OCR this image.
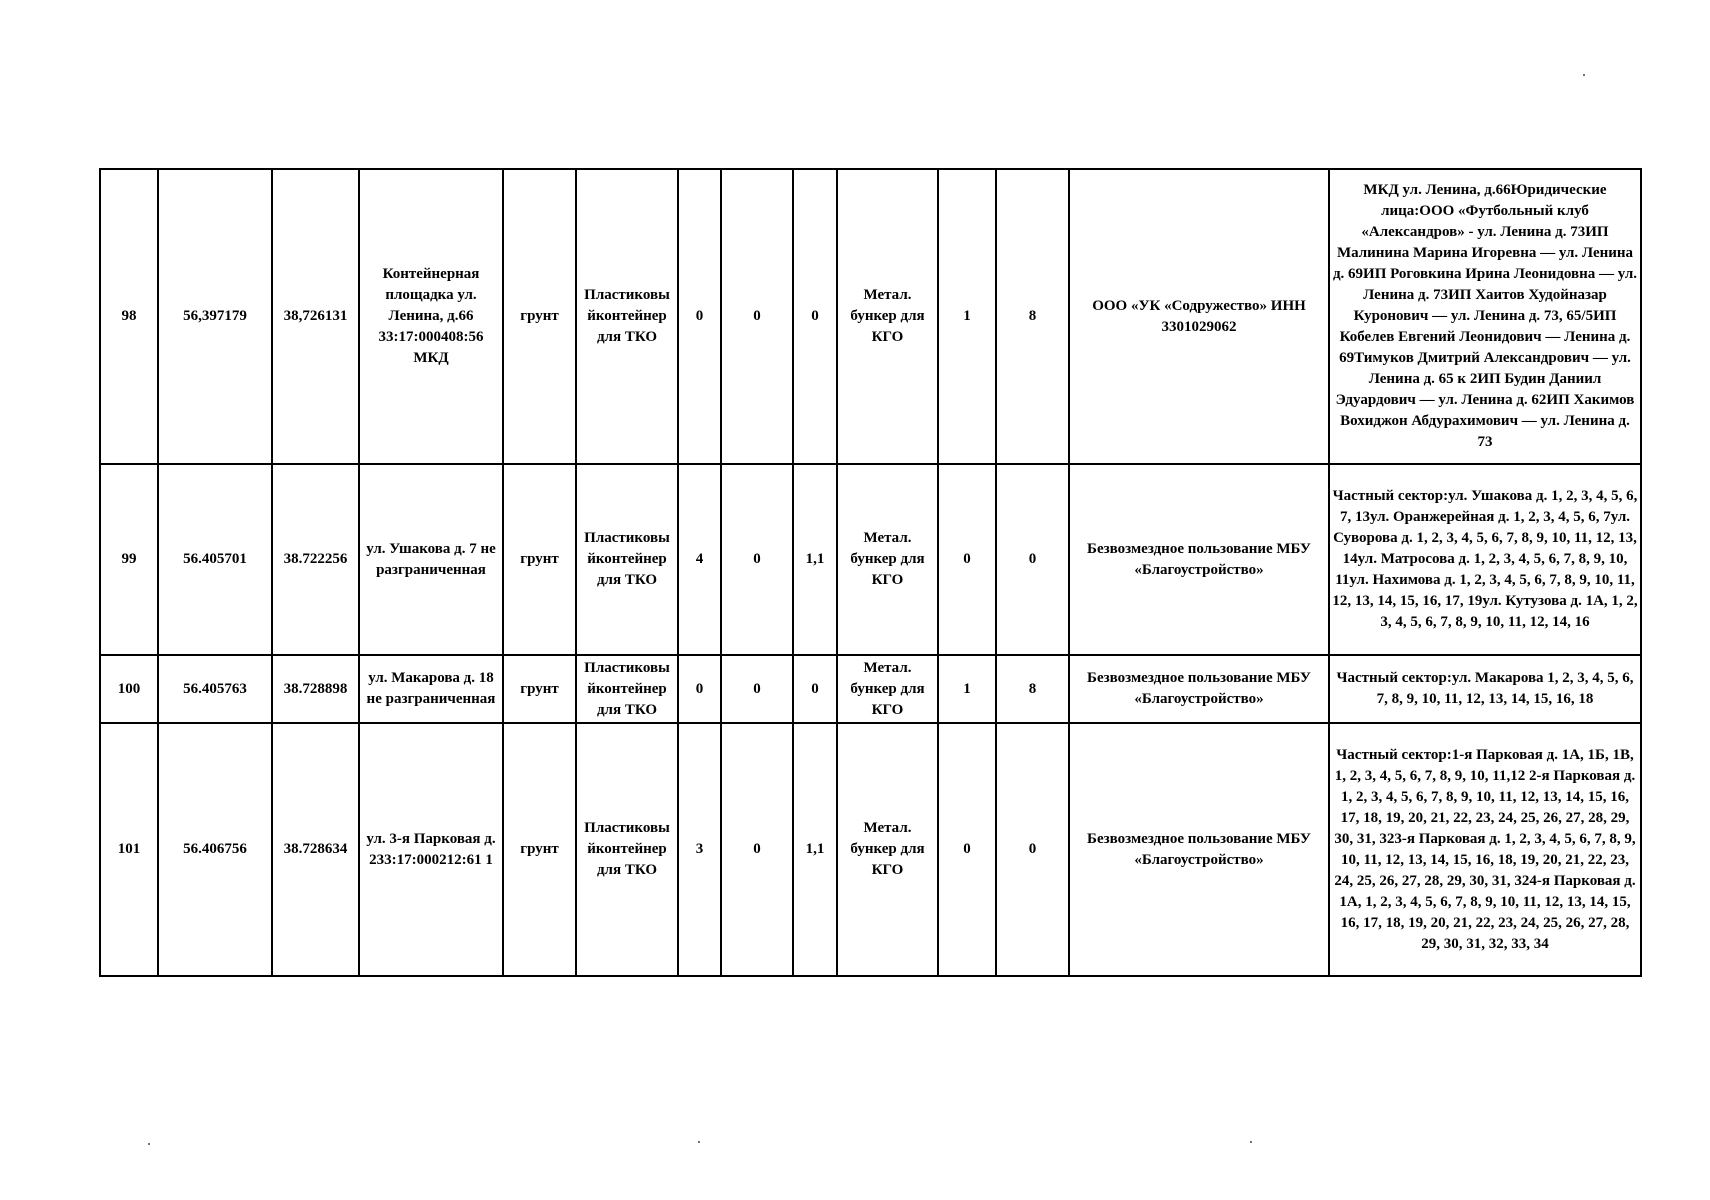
98	56,397179	38,726131	Контейнерная площадка ул. Ленина, д.66 33:17:000408:56 МКД	грунт	Пластиковы йконтейнер для ТКО	0	0	0	Метал. бункер для КГО	1	8	ООО «УК «Содружество» ИНН 3301029062	МКД ул. Ленина, д.66Юридические лица:ООО «Футбольный клуб «Александров» - ул. Ленина д. 73ИП Малинина Марина Игоревна — ул. Ленина д. 69ИП Роговкина Ирина Леонидовна — ул. Ленина д. 73ИП Хаитов Худойназар Куронович — ул. Ленина д. 73, 65/5ИП Кобелев Евгений Леонидович — Ленина д. 69Тимуков Дмитрий Александрович — ул. Ленина д. 65 к 2ИП Будин Даниил Эдуардович — ул. Ленина д. 62ИП Хакимов Вохиджон Абдурахимович — ул. Ленина д. 73
99	56.405701	38.722256	ул. Ушакова д. 7 не разграниченная	грунт	Пластиковы йконтейнер для ТКО	4	0	1,1	Метал. бункер для КГО	0	0	Безвозмездное пользование МБУ «Благоустройство»	Частный сектор:ул. Ушакова д. 1, 2, 3, 4, 5, 6, 7, 13ул. Оранжерейная д. 1, 2, 3, 4, 5, 6, 7ул. Суворова д. 1, 2, 3, 4, 5, 6, 7, 8, 9, 10, 11, 12, 13, 14ул. Матросова д. 1, 2, 3, 4, 5, 6, 7, 8, 9, 10, 11ул. Нахимова д. 1, 2, 3, 4, 5, 6, 7, 8, 9, 10, 11, 12, 13, 14, 15, 16, 17, 19ул. Кутузова д. 1А, 1, 2, 3, 4, 5, 6, 7, 8, 9, 10, 11, 12, 14, 16
100	56.405763	38.728898	ул. Макарова д. 18 не разграниченная	грунт	Пластиковы йконтейнер для ТКО	0	0	0	Метал. бункер для КГО	1	8	Безвозмездное пользование МБУ «Благоустройство»	Частный сектор:ул. Макарова 1, 2, 3, 4, 5, 6, 7, 8, 9, 10, 11, 12, 13, 14, 15, 16, 18
101	56.406756	38.728634	ул. 3-я Парковая д. 233:17:000212:61 1	грунт	Пластиковы йконтейнер для ТКО	3	0	1,1	Метал. бункер для КГО	0	0	Безвозмездное пользование МБУ «Благоустройство»	Частный сектор:1-я Парковая д. 1А, 1Б, 1В, 1, 2, 3, 4, 5, 6, 7, 8, 9, 10, 11,12 2-я Парковая д. 1, 2, 3, 4, 5, 6, 7, 8, 9, 10, 11, 12, 13, 14, 15, 16, 17, 18, 19, 20, 21, 22, 23, 24, 25, 26, 27, 28, 29, 30, 31, 323-я Парковая д. 1, 2, 3, 4, 5, 6, 7, 8, 9, 10, 11, 12, 13, 14, 15, 16, 18, 19, 20, 21, 22, 23, 24, 25, 26, 27, 28, 29, 30, 31, 324-я Парковая д. 1А, 1, 2, 3, 4, 5, 6, 7, 8, 9, 10, 11, 12, 13, 14, 15, 16, 17, 18, 19, 20, 21, 22, 23, 24, 25, 26, 27, 28, 29, 30, 31, 32, 33, 34
